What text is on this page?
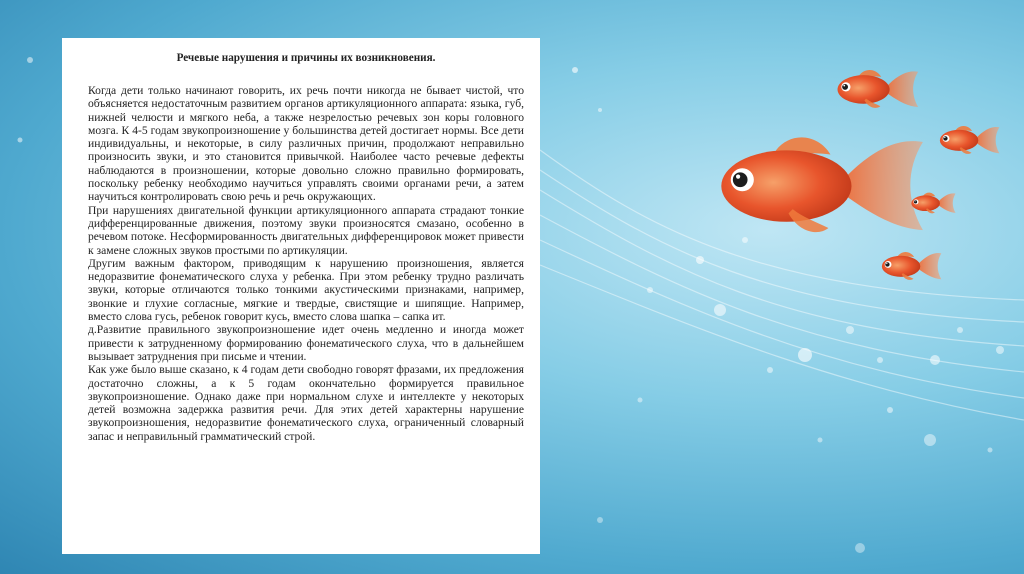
Речевые нарушения и причины их возникновения.

Когда дети только начинают говорить, их речь почти никогда не бывает чистой, что объясняется недостаточным развитием органов артикуляционного аппарата: языка, губ, нижней челюсти и мягкого неба, а также незрелостью речевых зон коры головного мозга. К 4-5 годам звукопроизношение у большинства детей достигает нормы. Все дети индивидуальны, и некоторые, в силу различных причин, продолжают неправильно произносить звуки, и это становится привычкой. Наиболее часто речевые дефекты наблюдаются в произношении, которые довольно сложно правильно формировать, поскольку ребенку необходимо научиться управлять своими органами речи, а затем научиться контролировать свою речь и речь окружающих.

При нарушениях двигательной функции артикуляционного аппарата страдают тонкие дифференцированные движения, поэтому звуки произносятся смазано, особенно в речевом потоке. Несформированность двигательных дифференцировок может привести к замене сложных звуков простыми по артикуляции.

Другим важным фактором, приводящим к нарушению произношения, является недоразвитие фонематического слуха у ребенка. При этом ребенку трудно различать звуки, которые отличаются только тонкими акустическими признаками, например, звонкие и глухие согласные, мягкие и твердые, свистящие и шипящие. Например, вместо слова гусь, ребенок говорит кусь, вместо слова шапка – сапка ит.

д.Развитие правильного звукопроизношение идет очень медленно и иногда может привести к затрудненному формированию фонематического слуха, что в дальнейшем вызывает затруднения при письме и чтении.

Как уже было выше сказано, к 4 годам дети свободно говорят фразами, их предложения достаточно сложны, а к 5 годам окончательно формируется правильное звукопроизношение. Однако даже при нормальном слухе и интеллекте у некоторых детей возможна задержка развития речи. Для этих детей характерны нарушение звукопроизношения, недоразвитие фонематического слуха, ограниченный словарный запас и неправильный грамматический строй.
